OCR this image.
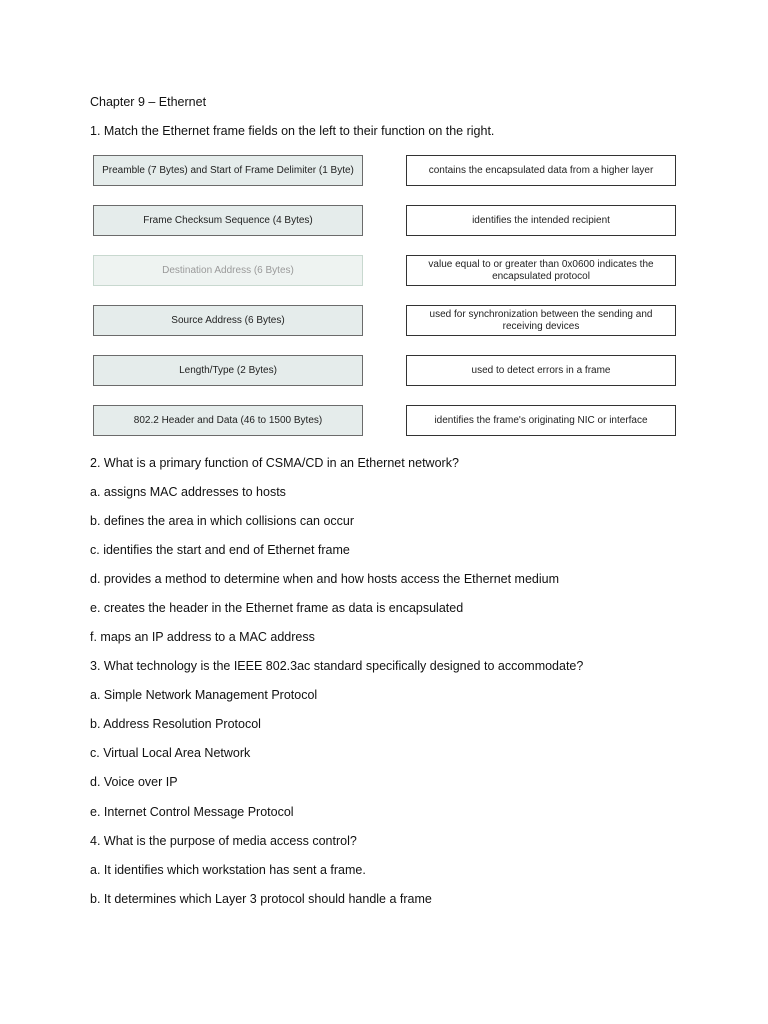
Chapter 9 – Ethernet
1. Match the Ethernet frame fields on the left to their function on the right.
Preamble (7 Bytes) and Start of Frame Delimiter (1 Byte)
Frame Checksum Sequence (4 Bytes)
Destination Address (6 Bytes)
Source Address (6 Bytes)
Length/Type (2 Bytes)
802.2 Header and Data (46 to 1500 Bytes)
contains the encapsulated data from a higher layer
identifies the intended recipient
value equal to or greater than 0x0600 indicates the encapsulated protocol
used for synchronization between the sending and receiving devices
used to detect errors in a frame
identifies the frame's originating NIC or interface
2. What is a primary function of CSMA/CD in an Ethernet network?
a. assigns MAC addresses to hosts
b. defines the area in which collisions can occur
c. identifies the start and end of Ethernet frame
d. provides a method to determine when and how hosts access the Ethernet medium
e. creates the header in the Ethernet frame as data is encapsulated
f. maps an IP address to a MAC address
3. What technology is the IEEE 802.3ac standard specifically designed to accommodate?
a. Simple Network Management Protocol
b. Address Resolution Protocol
c. Virtual Local Area Network
d. Voice over IP
e. Internet Control Message Protocol
4. What is the purpose of media access control?
a. It identifies which workstation has sent a frame.
b. It determines which Layer 3 protocol should handle a frame
